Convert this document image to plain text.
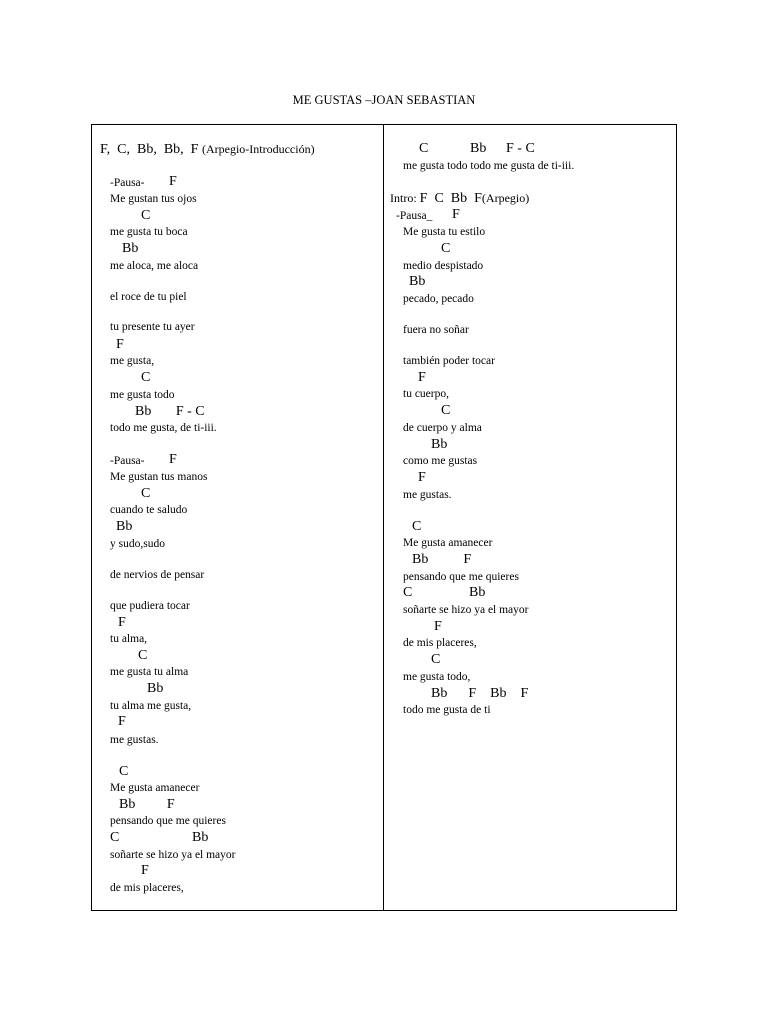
ME GUSTAS –JOAN SEBASTIAN
F,  C,  Bb,  Bb,  F (Arpegio-Introducción)
-Pausa- F
Me gustan tus ojos
C
me gusta tu boca
Bb
me aloca, me aloca
el roce de tu piel
tu presente tu ayer
F
me gusta,
C
me gusta todo
Bb       F - C
todo me gusta, de ti-iii.
-Pausa- F
Me gustan tus manos
C
cuando te saludo
Bb
y sudo,sudo
de nervios de pensar
que pudiera tocar
F
tu alma,
C
me gusta tu alma
Bb
tu alma me gusta,
F
me gustas.
C
Me gusta amanecer
Bb         F
pensando que me quieres
C	Bb
soñarte se hizo ya el mayor
F
de mis placeres,
C	Bb F - C
me gusta todo todo me gusta de ti-iii.
Intro: F  C  Bb  F(Arpegio)
-Pausa_ F
Me gusta tu estilo
C
medio despistado
Bb
pecado, pecado
fuera no soñar
también poder tocar
F
tu cuerpo,
C
de cuerpo y alma
Bb
como me gustas
F
me gustas.
C
Me gusta amanecer
Bb          F
pensando que me quieres
C	Bb
soñarte se hizo ya el mayor
F
de mis placeres,
C
me gusta todo,
Bb      F    Bb    F
todo me gusta de ti
